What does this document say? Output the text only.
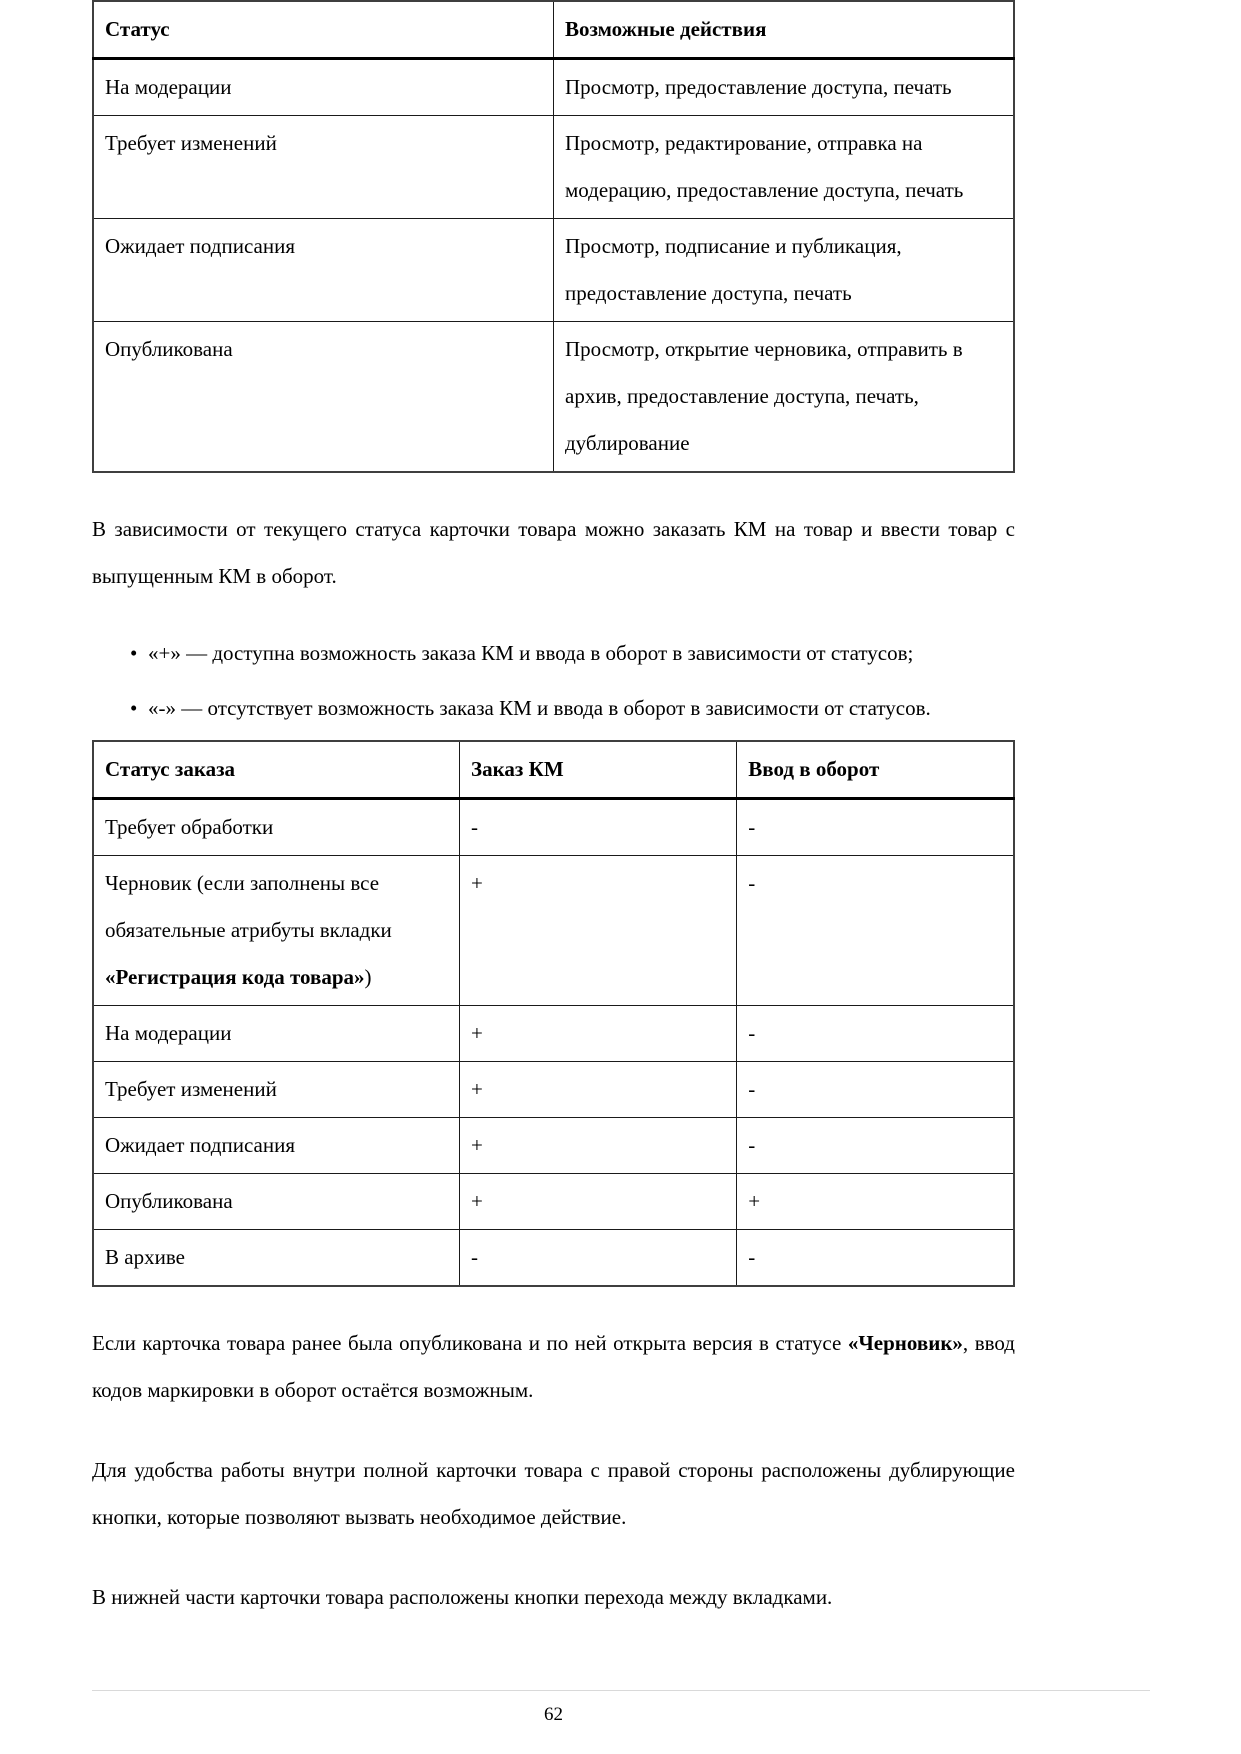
Статус	Возможные действия
На модерации	Просмотр, предоставление доступа, печать
Требует изменений	Просмотр, редактирование, отправка на модерацию, предоставление доступа, печать
Ожидает подписания	Просмотр, подписание и публикация, предоставление доступа, печать
Опубликована	Просмотр, открытие черновика, отправить в архив, предоставление доступа, печать, дублирование

В зависимости от текущего статуса карточки товара можно заказать КМ на товар и ввести товар с выпущенным КМ в оборот.

• «+» — доступна возможность заказа КМ и ввода в оборот в зависимости от статусов;
• «-» — отсутствует возможность заказа КМ и ввода в оборот в зависимости от статусов.
Статус заказа	Заказ КМ	Ввод в оборот
Требует обработки	-	-
Черновик (если заполнены все обязательные атрибуты вкладки «Регистрация кода товара»)	+	-
На модерации	+	-
Требует изменений	+	-
Ожидает подписания	+	-
Опубликована	+	+
В архиве	-	-

Если карточка товара ранее была опубликована и по ней открыта версия в статусе «Черновик», ввод кодов маркировки в оборот остаётся возможным.

Для удобства работы внутри полной карточки товара с правой стороны расположены дублирующие кнопки, которые позволяют вызвать необходимое действие.

В нижней части карточки товара расположены кнопки перехода между вкладками.

62
